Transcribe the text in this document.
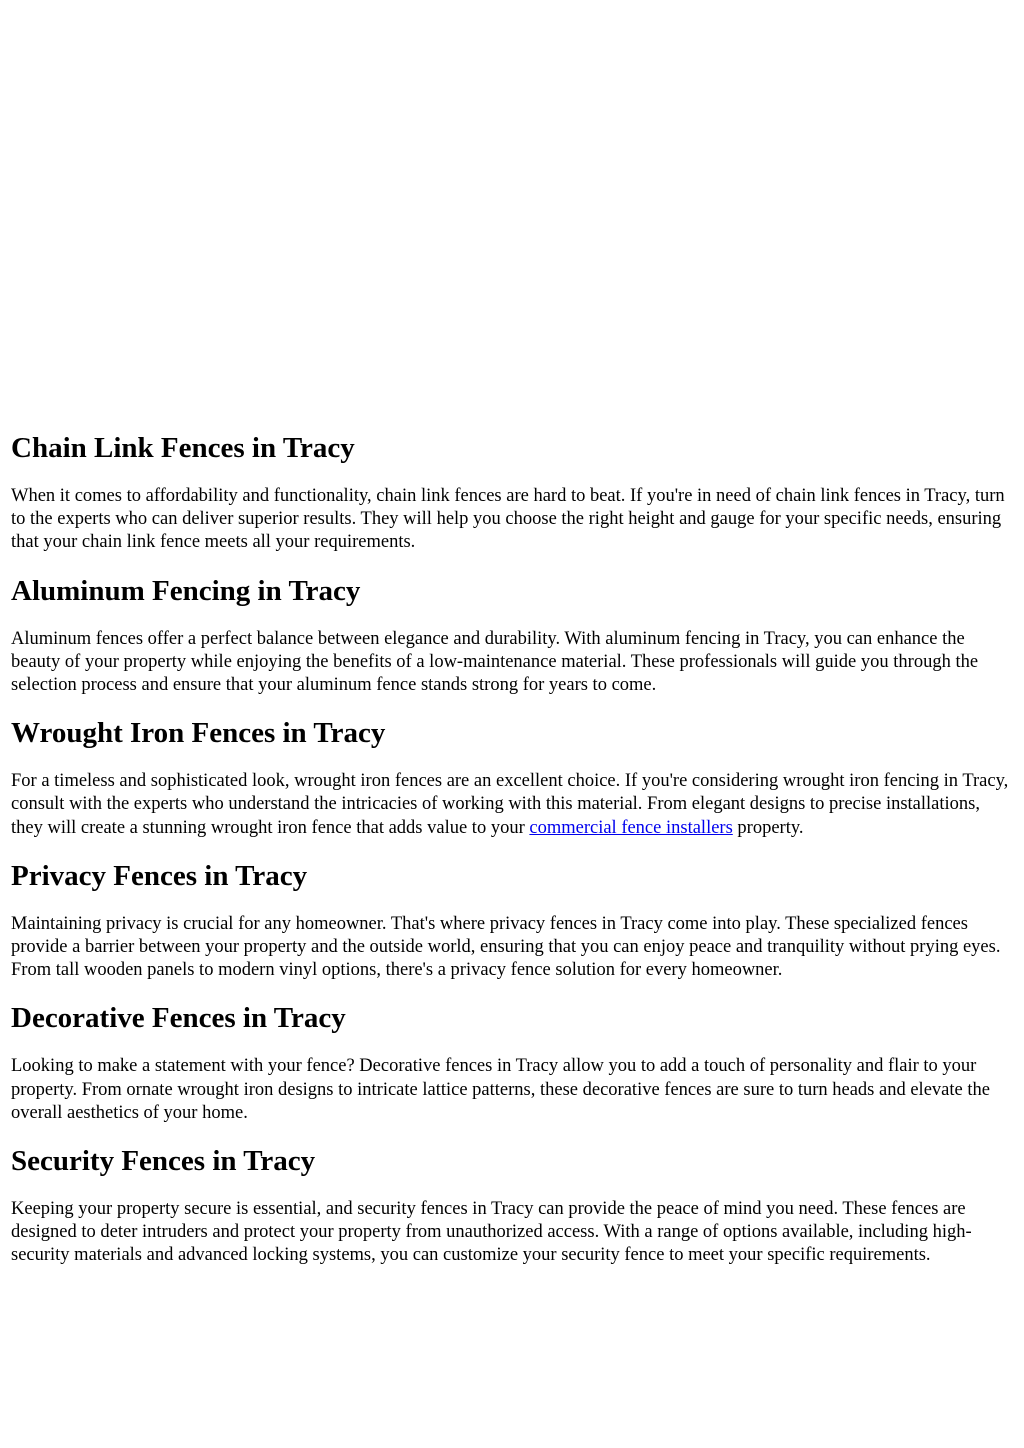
Chain Link Fences in Tracy

When it comes to affordability and functionality, chain link fences are hard to beat. If you're in need of chain link fences in Tracy, turn to the experts who can deliver superior results. They will help you choose the right height and gauge for your specific needs, ensuring that your chain link fence meets all your requirements.

Aluminum Fencing in Tracy

Aluminum fences offer a perfect balance between elegance and durability. With aluminum fencing in Tracy, you can enhance the beauty of your property while enjoying the benefits of a low-maintenance material. These professionals will guide you through the selection process and ensure that your aluminum fence stands strong for years to come.

Wrought Iron Fences in Tracy

For a timeless and sophisticated look, wrought iron fences are an excellent choice. If you're considering wrought iron fencing in Tracy, consult with the experts who understand the intricacies of working with this material. From elegant designs to precise installations, they will create a stunning wrought iron fence that adds value to your commercial fence installers property.

Privacy Fences in Tracy

Maintaining privacy is crucial for any homeowner. That's where privacy fences in Tracy come into play. These specialized fences provide a barrier between your property and the outside world, ensuring that you can enjoy peace and tranquility without prying eyes. From tall wooden panels to modern vinyl options, there's a privacy fence solution for every homeowner.

Decorative Fences in Tracy

Looking to make a statement with your fence? Decorative fences in Tracy allow you to add a touch of personality and flair to your property. From ornate wrought iron designs to intricate lattice patterns, these decorative fences are sure to turn heads and elevate the overall aesthetics of your home.

Security Fences in Tracy

Keeping your property secure is essential, and security fences in Tracy can provide the peace of mind you need. These fences are designed to deter intruders and protect your property from unauthorized access. With a range of options available, including high-security materials and advanced locking systems, you can customize your security fence to meet your specific requirements.
